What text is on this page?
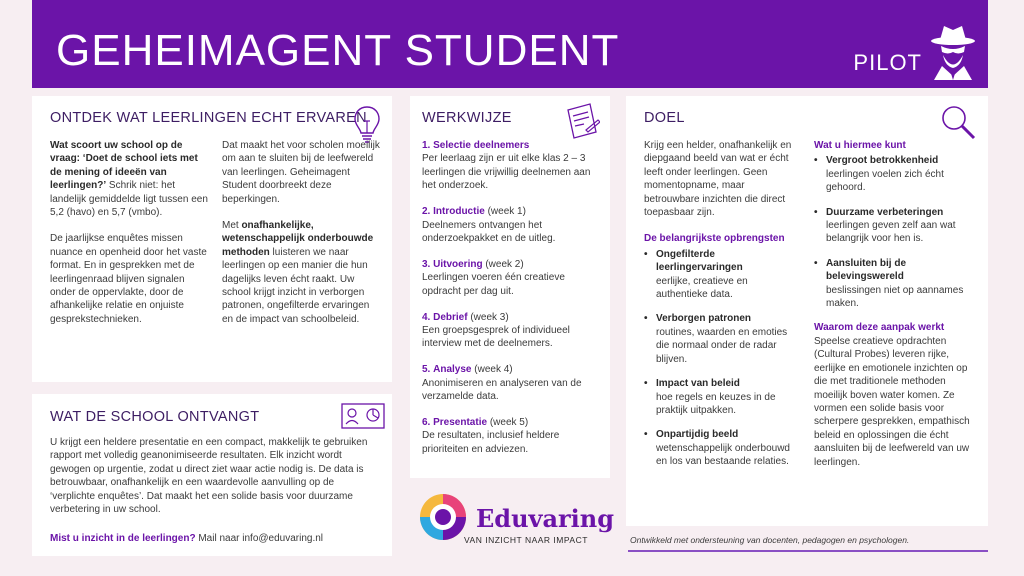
GEHEIMAGENT STUDENT	PILOT
ONTDEK WAT LEERLINGEN ECHT ERVAREN

Wat scoort uw school op de vraag: ‘Doet de school iets met de mening of ideeën van leerlingen?’ Schrik niet: het landelijk gemiddelde ligt tussen een 5,2 (havo) en 5,7 (vmbo).

De jaarlijkse enquêtes missen nuance en openheid door het vaste format. En in gesprekken met de leerlingenraad blijven signalen onder de oppervlakte, door de afhankelijke relatie en onjuiste gesprekstechnieken.

Dat maakt het voor scholen moeilijk om aan te sluiten bij de leefwereld van leerlingen. Geheimagent Student doorbreekt deze beperkingen.

Met onafhankelijke, wetenschappelijk onderbouwde methoden luisteren we naar leerlingen op een manier die hun dagelijks leven écht raakt. Uw school krijgt inzicht in verborgen patronen, ongefilterde ervaringen en de impact van schoolbeleid.

WAT DE SCHOOL ONTVANGT

U krijgt een heldere presentatie en een compact, makkelijk te gebruiken rapport met volledig geanonimiseerde resultaten. Elk inzicht wordt gewogen op urgentie, zodat u direct ziet waar actie nodig is. De data is betrouwbaar, onafhankelijk en een waardevolle aanvulling op de ‘verplichte enquêtes’. Dat maakt het een solide basis voor duurzame verbetering in uw school.

Mist u inzicht in de leerlingen? Mail naar info@eduvaring.nl

WERKWIJZE
1. Selectie deelnemers
Per leerlaag zijn er uit elke klas 2 – 3 leerlingen die vrijwillig deelnemen aan het onderzoek.
2. Introductie (week 1)
Deelnemers ontvangen het onderzoekpakket en de uitleg.
3. Uitvoering (week 2)
Leerlingen voeren één creatieve opdracht per dag uit.
4. Debrief (week 3)
Een groepsgesprek of individueel interview met de deelnemers.
5. Analyse (week 4)
Anonimiseren en analyseren van de verzamelde data.
6. Presentatie (week 5)
De resultaten, inclusief heldere prioriteiten en adviezen.
Eduvaring
VAN INZICHT NAAR IMPACT
DOEL

Krijg een helder, onafhankelijk en diepgaand beeld van wat er écht leeft onder leerlingen. Geen momentopname, maar betrouwbare inzichten die direct toepasbaar zijn.

De belangrijkste opbrengsten

• Ongefilterde leerlingervaringen
eerlijke, creatieve en authentieke data.
• Verborgen patronen
routines, waarden en emoties die normaal onder de radar blijven.
• Impact van beleid
hoe regels en keuzes in de praktijk uitpakken.
• Onpartijdig beeld
wetenschappelijk onderbouwd en los van bestaande relaties.

Wat u hiermee kunt

• Vergroot betrokkenheid
leerlingen voelen zich écht gehoord.
• Duurzame verbeteringen
leerlingen geven zelf aan wat belangrijk voor hen is.
• Aansluiten bij de belevingswereld
beslissingen niet op aannames maken.

Waarom deze aanpak werkt

Speelse creatieve opdrachten (Cultural Probes) leveren rijke, eerlijke en emotionele inzichten op die met traditionele methoden moeilijk boven water komen. Ze vormen een solide basis voor scherpere gesprekken, empathisch beleid en oplossingen die écht aansluiten bij de leefwereld van uw leerlingen.

Ontwikkeld met ondersteuning van docenten, pedagogen en psychologen.
